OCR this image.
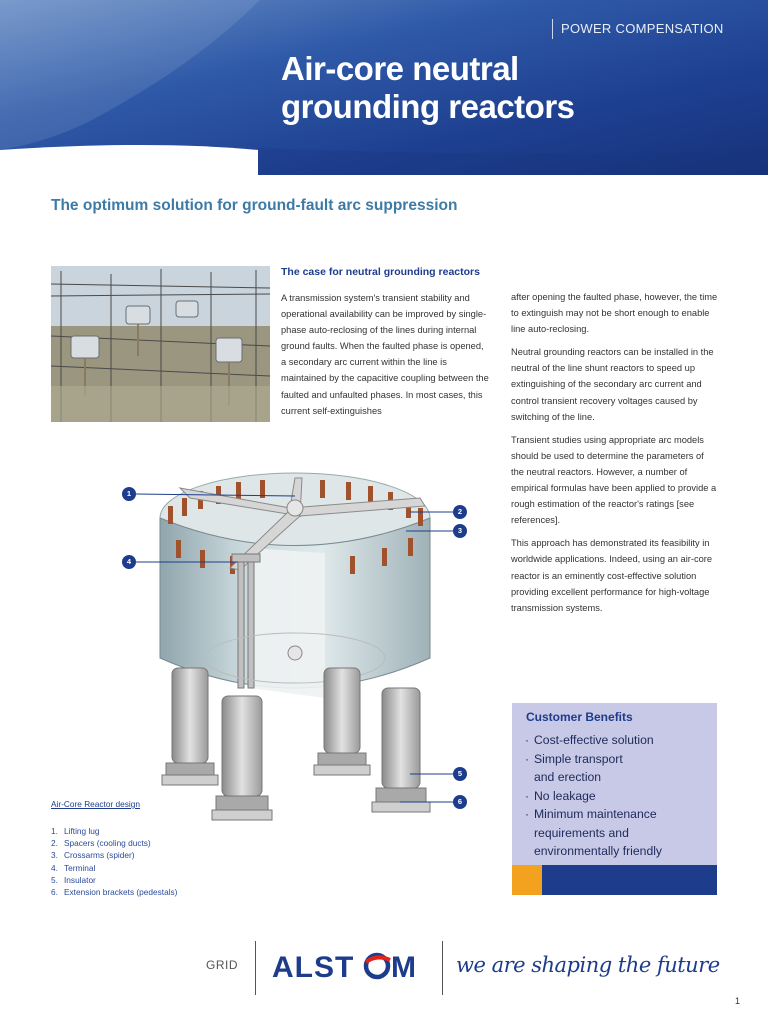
POWER COMPENSATION
Air-core neutral
grounding reactors
The optimum solution for ground-fault arc suppression
The case for neutral grounding reactors

A transmission system's transient stability and operational availability can be improved by single-phase auto-reclosing of the lines during internal ground faults. When the faulted phase is opened, a secondary arc current within the line is maintained by the capacitive coupling between the faulted and unfaulted phases. In most cases, this current self-extinguishes

after opening the faulted phase, however, the time to extinguish may not be short enough to enable line auto-reclosing.

Neutral grounding reactors can be installed in the neutral of the line shunt reactors to speed up extinguishing of the secondary arc current and control transient recovery voltages caused by switching of the line.

Transient studies using appropriate arc models should be used to determine the parameters of the neutral reactors. However, a number of empirical formulas have been applied to provide a rough estimation of the reactor's ratings [see references].

This approach has demonstrated its feasibility in worldwide applications. Indeed, using an air-core reactor is an eminently cost-effective solution providing excellent performance for high-voltage transmission systems.

1
2
3
4
5
6
Air-Core Reactor design
1. Lifting lug
2. Spacers (cooling ducts)
3. Crossarms (spider)
4. Terminal
5. Insulator
6. Extension brackets (pedestals)
Customer Benefits
· Cost-effective solution
· Simple transport
and erection
· No leakage
· Minimum maintenance
requirements and
environmentally friendly
GRID ALST M we are shaping the future
1
